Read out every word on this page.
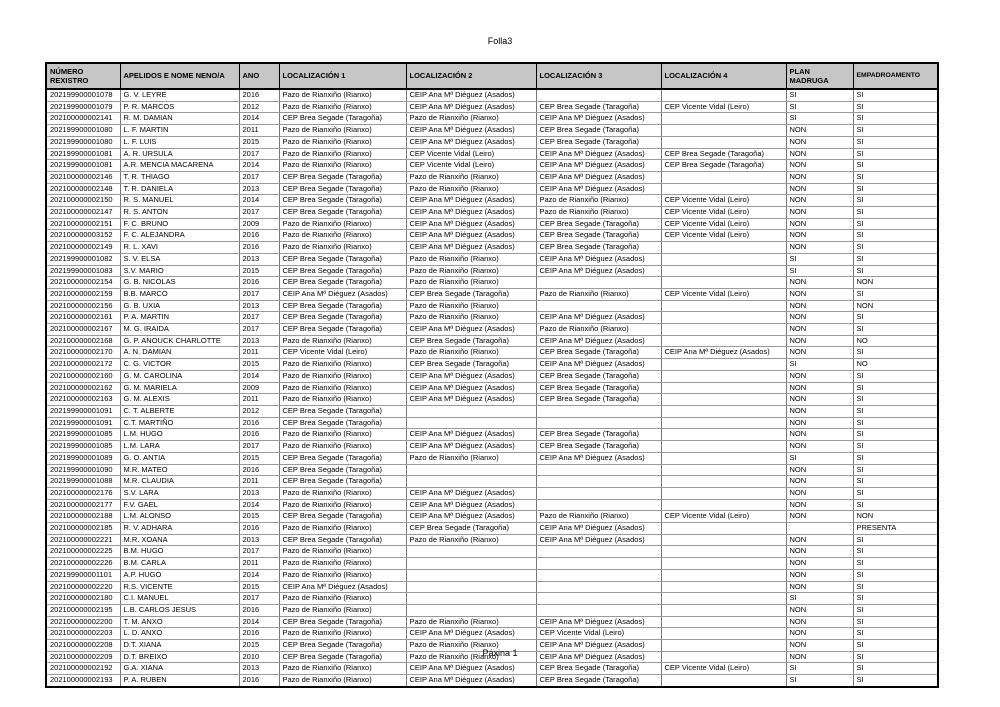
Folla3
NÚMERO REXISTRO	APELIDOS E NOME NENO/A	ANO	LOCALIZACIÓN 1	LOCALIZACIÓN 2	LOCALIZACIÓN 3	LOCALIZACIÓN 4	PLAN MADRUGA	EMPADROAMENTO
202199900001078	G. V. LEYRE	2016	Pazo de Rianxiño (Rianxo)	CEIP Ana Mª Diéguez (Asados)			SI	SI
202199900001079	P. R. MARCOS	2012	Pazo de Rianxiño (Rianxo)	CEIP Ana Mª Diéguez (Asados)	CEP Brea Segade (Taragoña)	CEP Vicente Vidal (Leiro)	SI	SI
202100000002141	R. M. DAMIAN	2014	CEP Brea Segade (Taragoña)	Pazo de Rianxiño (Rianxo)	CEIP Ana Mª Diéguez (Asados)		SI	SI
202199900001080	L. F. MARTIN	2011	Pazo de Rianxiño (Rianxo)	CEIP Ana Mª Diéguez (Asados)	CEP Brea Segade (Taragoña)		NON	SI
202199900001080	L. F. LUIS	2015	Pazo de Rianxiño (Rianxo)	CEIP Ana Mª Diéguez (Asados)	CEP Brea Segade (Taragoña)		NON	SI
202199900001081	A. R. URSULA	2017	Pazo de Rianxiño (Rianxo)	CEP Vicente Vidal (Leiro)	CEIP Ana Mª Diéguez (Asados)	CEP Brea Segade (Taragoña)	NON	SI
202199900001081	A.R. MENCIA MACARENA	2014	Pazo de Rianxiño (Rianxo)	CEP Vicente Vidal (Leiro)	CEIP Ana Mª Diéguez (Asados)	CEP Brea Segade (Taragoña)	NON	SI
202100000002146	T. R. THIAGO	2017	CEP Brea Segade (Taragoña)	Pazo de Rianxiño (Rianxo)	CEIP Ana Mª Diéguez (Asados)		NON	SI
202100000002148	T. R. DANIELA	2013	CEP Brea Segade (Taragoña)	Pazo de Rianxiño (Rianxo)	CEIP Ana Mª Diéguez (Asados)		NON	SI
202100000002150	R. S. MANUEL	2014	CEP Brea Segade (Taragoña)	CEIP Ana Mª Diéguez (Asados)	Pazo de Rianxiño (Rianxo)	CEP Vicente Vidal (Leiro)	NON	SI
202100000002147	R. S. ANTON	2017	CEP Brea Segade (Taragoña)	CEIP Ana Mª Diéguez (Asados)	Pazo de Rianxiño (Rianxo)	CEP Vicente Vidal (Leiro)	NON	SI
202100000002151	F. C. BRUNO	2009	Pazo de Rianxiño (Rianxo)	CEIP Ana Mª Diéguez (Asados)	CEP Brea Segade (Taragoña)	CEP Vicente Vidal (Leiro)	NON	SI
202100000003152	F. C. ALEJANDRA	2016	Pazo de Rianxiño (Rianxo)	CEIP Ana Mª Diéguez (Asados)	CEP Brea Segade (Taragoña)	CEP Vicente Vidal (Leiro)	NON	SI
202100000002149	R. L. XAVI	2016	Pazo de Rianxiño (Rianxo)	CEIP Ana Mª Diéguez (Asados)	CEP Brea Segade (Taragoña)		NON	SI
202199900001082	S. V. ELSA	2013	CEP Brea Segade (Taragoña)	Pazo de Rianxiño (Rianxo)	CEIP Ana Mª Diéguez (Asados)		SI	SI
202199900001083	S.V. MARIO	2015	CEP Brea Segade (Taragoña)	Pazo de Rianxiño (Rianxo)	CEIP Ana Mª Diéguez (Asados)		SI	SI
202100000002154	G. B. NICOLAS	2016	CEP Brea Segade (Taragoña)	Pazo de Rianxiño (Rianxo)			NON	NON
202100000002159	B.B. MARCO	2017	CEIP Ana Mª Diéguez (Asados)	CEP Brea Segade (Taragoña)	Pazo de Rianxiño (Rianxo)	CEP Vicente Vidal (Leiro)	NON	SI
202100000002156	G. B. UXIA	2013	CEP Brea Segade (Taragoña)	Pazo de Rianxiño (Rianxo)			NON	NON
202100000002161	P. A. MARTIN	2017	CEP Brea Segade (Taragoña)	Pazo de Rianxiño (Rianxo)	CEIP Ana Mª Diéguez (Asados)		NON	SI
202100000002167	M. G. IRAIDA	2017	CEP Brea Segade (Taragoña)	CEIP Ana Mª Diéguez (Asados)	Pazo de Rianxiño (Rianxo)		NON	SI
202100000002168	G. P. ANOUCK CHARLOTTE	2013	Pazo de Rianxiño (Rianxo)	CEP Brea Segade (Taragoña)	CEIP Ana Mª Diéguez (Asados)		NON	NO
202100000002170	A. N. DAMIAN	2011	CEP Vicente Vidal (Leiro)	Pazo de Rianxiño (Rianxo)	CEP Brea Segade (Taragoña)	CEIP Ana Mª Diéguez (Asados)	NON	SI
202100000002172	C. G. VICTOR	2015	Pazo de Rianxiño (Rianxo)	CEP Brea Segade (Taragoña)	CEIP Ana Mª Diéguez (Asados)		SI	NO
202100000002160	G. M. CAROLINA	2014	Pazo de Rianxiño (Rianxo)	CEIP Ana Mª Diéguez (Asados)	CEP Brea Segade (Taragoña)		NON	SI
202100000002162	G. M. MARIELA	2009	Pazo de Rianxiño (Rianxo)	CEIP Ana Mª Diéguez (Asados)	CEP Brea Segade (Taragoña)		NON	SI
202100000002163	G. M. ALEXIS	2011	Pazo de Rianxiño (Rianxo)	CEIP Ana Mª Diéguez (Asados)	CEP Brea Segade (Taragoña)		NON	SI
202199900001091	C. T. ALBERTE	2012	CEP Brea Segade (Taragoña)				NON	SI
202199900001091	C.T. MARTIÑO	2016	CEP Brea Segade (Taragoña)				NON	SI
202199900001085	L.M. HUGO	2016	Pazo de Rianxiño (Rianxo)	CEIP Ana Mª Diéguez (Asados)	CEP Brea Segade (Taragoña)		NON	SI
202199900001085	L.M. LARA	2017	Pazo de Rianxiño (Rianxo)	CEIP Ana Mª Diéguez (Asados)	CEP Brea Segade (Taragoña)		NON	SI
202199900001089	G. O. ANTIA	2015	CEP Brea Segade (Taragoña)	Pazo de Rianxiño (Rianxo)	CEIP Ana Mª Diéguez (Asados)		SI	SI
202199900001090	M.R. MATEO	2016	CEP Brea Segade (Taragoña)				NON	SI
202199900001088	M.R. CLAUDIA	2011	CEP Brea Segade (Taragoña)				NON	SI
202100000002176	S.V. LARA	2013	Pazo de Rianxiño (Rianxo)	CEIP Ana Mª Diéguez (Asados)			NON	SI
202100000002177	F.V. GAEL	2014	Pazo de Rianxiño (Rianxo)	CEIP Ana Mª Diéguez (Asados)			NON	SI
202100000002188	L.M. ALONSO	2015	CEP Brea Segade (Taragoña)	CEIP Ana Mª Diéguez (Asados)	Pazo de Rianxiño (Rianxo)	CEP Vicente Vidal (Leiro)	NON	NON
202100000002185	R. V. ADHARA	2016	Pazo de Rianxiño (Rianxo)	CEP Brea Segade (Taragoña)	CEIP Ana Mª Diéguez (Asados)			PRESENTA
202100000002221	M.R. XOANA	2013	CEP Brea Segade (Taragoña)	Pazo de Rianxiño (Rianxo)	CEIP Ana Mª Diéguez (Asados)		NON	SI
202100000002225	B.M. HUGO	2017	Pazo de Rianxiño (Rianxo)				NON	SI
202100000002226	B.M. CARLA	2011	Pazo de Rianxiño (Rianxo)				NON	SI
202199900001101	A.P. HUGO	2014	Pazo de Rianxiño (Rianxo)				NON	SI
202100000002220	R.S. VICENTE	2015	CEIP Ana Mª Diéguez (Asados)				NON	SI
202100000002180	C.I. MANUEL	2017	Pazo de Rianxiño (Rianxo)				SI	SI
202100000002195	L.B. CARLOS JESUS	2016	Pazo de Rianxiño (Rianxo)				NON	SI
202100000002200	T. M. ANXO	2014	CEP Brea Segade (Taragoña)	Pazo de Rianxiño (Rianxo)	CEIP Ana Mª Diéguez (Asados)		NON	SI
202100000002203	L. D. ANXO	2016	Pazo de Rianxiño (Rianxo)	CEIP Ana Mª Diéguez (Asados)	CEP Vicente Vidal (Leiro)		NON	SI
202100000002208	D.T. XIANA	2015	CEP Brea Segade (Taragoña)	Pazo de Rianxiño (Rianxo)	CEIP Ana Mª Diéguez (Asados)		NON	SI
202100000002209	D.T. BREIXO	2010	CEP Brea Segade (Taragoña)	Pazo de Rianxiño (Rianxo)	CEIP Ana Mª Diéguez (Asados)		NON	SI
202100000002192	G.A. XIANA	2013	Pazo de Rianxiño (Rianxo)	CEIP Ana Mª Diéguez (Asados)	CEP Brea Segade (Taragoña)	CEP Vicente Vidal (Leiro)	SI	SI
202100000002193	P. A. RUBEN	2016	Pazo de Rianxiño (Rianxo)	CEIP Ana Mª Diéguez (Asados)	CEP Brea Segade (Taragoña)		SI	SI
Páxina 1
